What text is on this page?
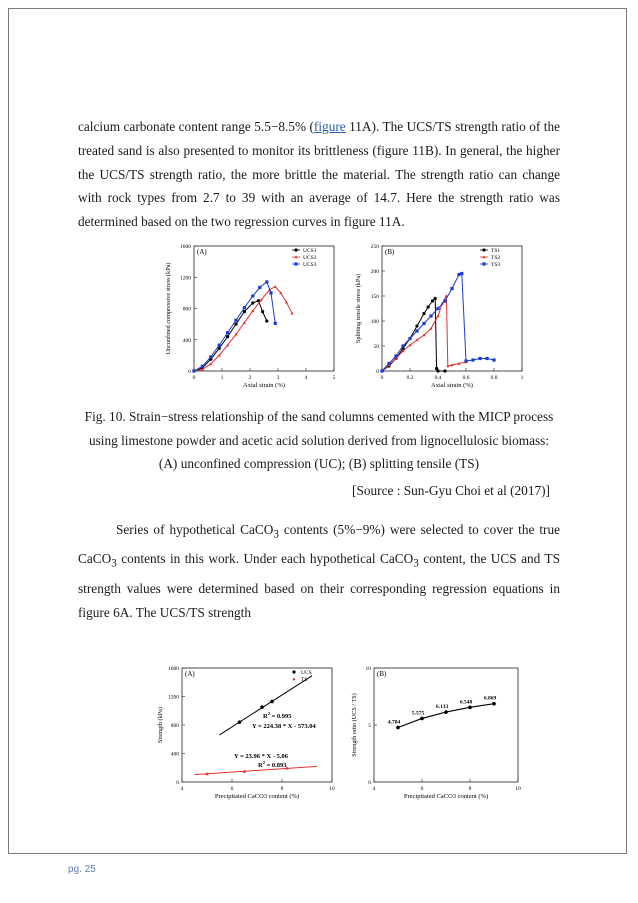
calcium carbonate content range 5.5−8.5% (figure 11A). The UCS/TS strength ratio of the treated sand is also presented to monitor its brittleness (figure 11B). In general, the higher the UCS/TS strength ratio, the more brittle the material. The strength ratio can change with rock types from 2.7 to 39 with an average of 14.7. Here the strength ratio was determined based on the two regression curves in figure 11A.

0	1	2	3	4	5
0
400
800
1200
1600
Axial strain (%)
Unconfined compressive stress (kPa)
(A)	UCS1
UCS2
UCS3
0	0.2	0.4	0.6	0.8	1
0
50
100
150
200
250
Axial strain (%)
Splitting tensile stress (kPa)
(B)	TS1
TS2
TS3

Fig. 10. Strain−stress relationship of the sand columns cemented with the MICP process using limestone powder and acetic acid solution derived from lignocellulosic biomass: (A) unconfined compression (UC); (B) splitting tensile (TS)

[Source : Sun-Gyu Choi et al (2017)]

Series of hypothetical CaCO$_3$ contents (5%−9%) were selected to cover the true CaCO$_3$ contents in this work. Under each hypothetical CaCO$_3$ content, the UCS and TS strength values were determined based on their corresponding regression equations in figure 6A. The UCS/TS strength

4	6	8	10
0
400
800
1200
1600
Precipitated CaCO3 content (%)
Strength (kPa)
(A)	UCS
TS
$R^2 = 0.995$
Y = 224.38 * X - 573.04
Y = 23.96 * X - 5.06
$R^2 = 0.893$
4	6	8	10
0
5
10
Precipitated CaCO3 content (%)
Strength ratio (UCS / TS)
(B)
4.784
5.575
6.133
6.548
6.869
pg. 25
